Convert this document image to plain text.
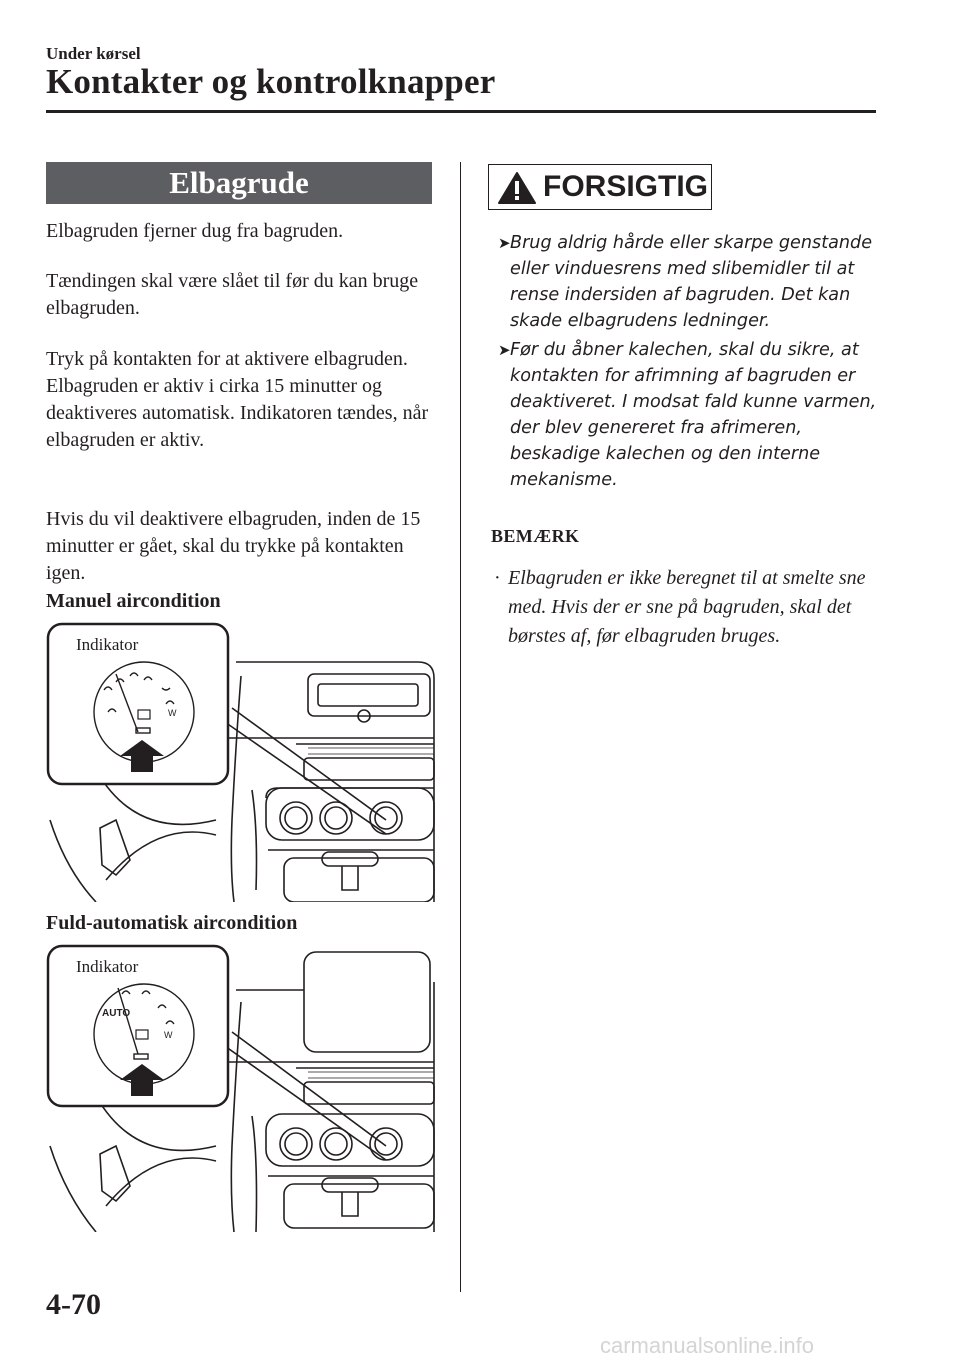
Under kørsel
Kontakter og kontrolknapper
Elbagrude
Elbagruden fjerner dug fra bagruden.
Tændingen skal være slået til før du kan bruge elbagruden.
Tryk på kontakten for at aktivere elbagruden. Elbagruden er aktiv i cirka 15 minutter og deaktiveres automatisk. Indikatoren tændes, når elbagruden er aktiv.
Hvis du vil deaktivere elbagruden, inden de 15 minutter er gået, skal du trykke på kontakten igen.
Manuel aircondition
W
Indikator
Fuld-automatisk aircondition
AUTO
W
Indikator
FORSIGTIG
➤ Brug aldrig hårde eller skarpe genstande eller vinduesrens med slibemidler til at rense indersiden af bagruden. Det kan skade elbagrudens ledninger.
➤ Før du åbner kalechen, skal du sikre, at kontakten for afrimning af bagruden er deaktiveret. I modsat fald kunne varmen, der blev genereret fra afrimeren, beskadige kalechen og den interne mekanisme.
BEMÆRK
· Elbagruden er ikke beregnet til at smelte sne med. Hvis der er sne på bagruden, skal det børstes af, før elbagruden bruges.
4-70
carmanualsonline.info
